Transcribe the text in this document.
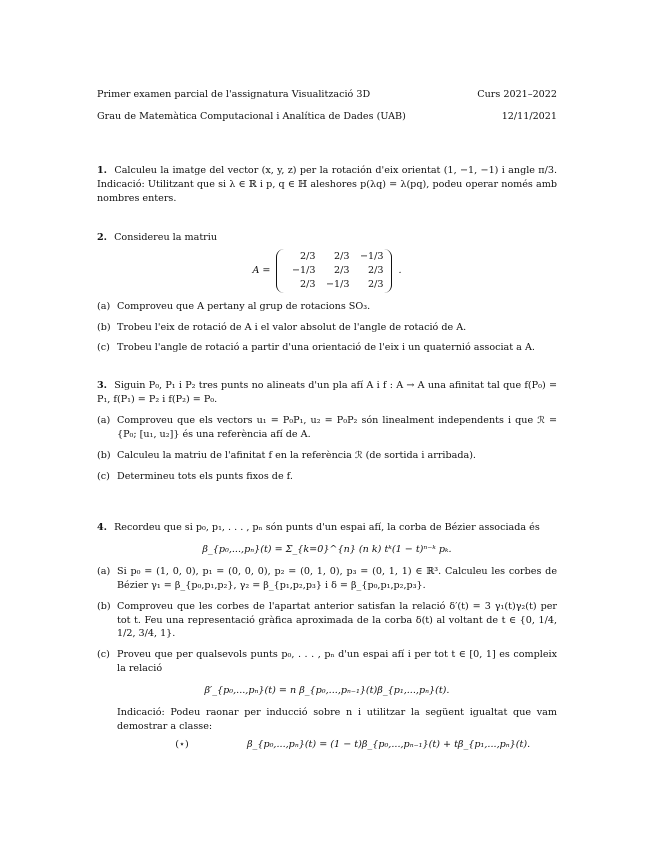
Primer examen parcial de l'assignatura Visualització 3D	Curs 2021–2022
Grau de Matemàtica Computacional i Analítica de Dades (UAB)	12/11/2021
1. Calculeu la imatge del vector (x, y, z) per la rotación d'eix orientat (1, −1, −1) i angle π/3. Indicació: Utilitzant que si λ ∈ ℝ i p, q ∈ ℍ aleshores p(λq) = λ(pq), podeu operar només amb nombres enters.
2. Considereu la matriu
A =
2/3	2/3	−1/3
−1/3	2/3	2/3
2/3	−1/3	2/3
.
(a) Comproveu que A pertany al grup de rotacions SO₃.
(b) Trobeu l'eix de rotació de A i el valor absolut de l'angle de rotació de A.
(c) Trobeu l'angle de rotació a partir d'una orientació de l'eix i un quaternió associat a A.
3. Siguin P₀, P₁ i P₂ tres punts no alineats d'un pla afí A i f : A → A una afinitat tal que f(P₀) = P₁, f(P₁) = P₂ i f(P₂) = P₀.
(a) Comproveu que els vectors u₁ = P₀P₁, u₂ = P₀P₂ són linealment independents i que ℛ = {P₀; [u₁, u₂]} és una referència afí de A.
(b) Calculeu la matriu de l'afinitat f en la referència ℛ (de sortida i arribada).
(c) Determineu tots els punts fixos de f.
4. Recordeu que si p₀, p₁, . . . , pₙ són punts d'un espai afí, la corba de Bézier associada és
β_{p₀,...,pₙ}(t) = Σ_{k=0}^{n} (n k) tᵏ(1 − t)ⁿ⁻ᵏ pₖ.
(a) Si p₀ = (1, 0, 0), p₁ = (0, 0, 0), p₂ = (0, 1, 0), p₃ = (0, 1, 1) ∈ ℝ³. Calculeu les corbes de Bézier γ₁ = β_{p₀,p₁,p₂}, γ₂ = β_{p₁,p₂,p₃} i δ = β_{p₀,p₁,p₂,p₃}.
(b) Comproveu que les corbes de l'apartat anterior satisfan la relació δ′(t) = 3 γ₁(t)γ₂(t) per tot t. Feu una representació gràfica aproximada de la corba δ(t) al voltant de t ∈ {0, 1/4, 1/2, 3/4, 1}.
(c) Proveu que per qualsevols punts p₀, . . . , pₙ d'un espai afí i per tot t ∈ [0, 1] es compleix la relació
β′_{p₀,...,pₙ}(t) = n β_{p₀,...,pₙ₋₁}(t)β_{p₁,...,pₙ}(t).
Indicació: Podeu raonar per inducció sobre n i utilitzar la següent igualtat que vam demostrar a classe:
(⋆)	β_{p₀,...,pₙ}(t) = (1 − t)β_{p₀,...,pₙ₋₁}(t) + tβ_{p₁,...,pₙ}(t).
